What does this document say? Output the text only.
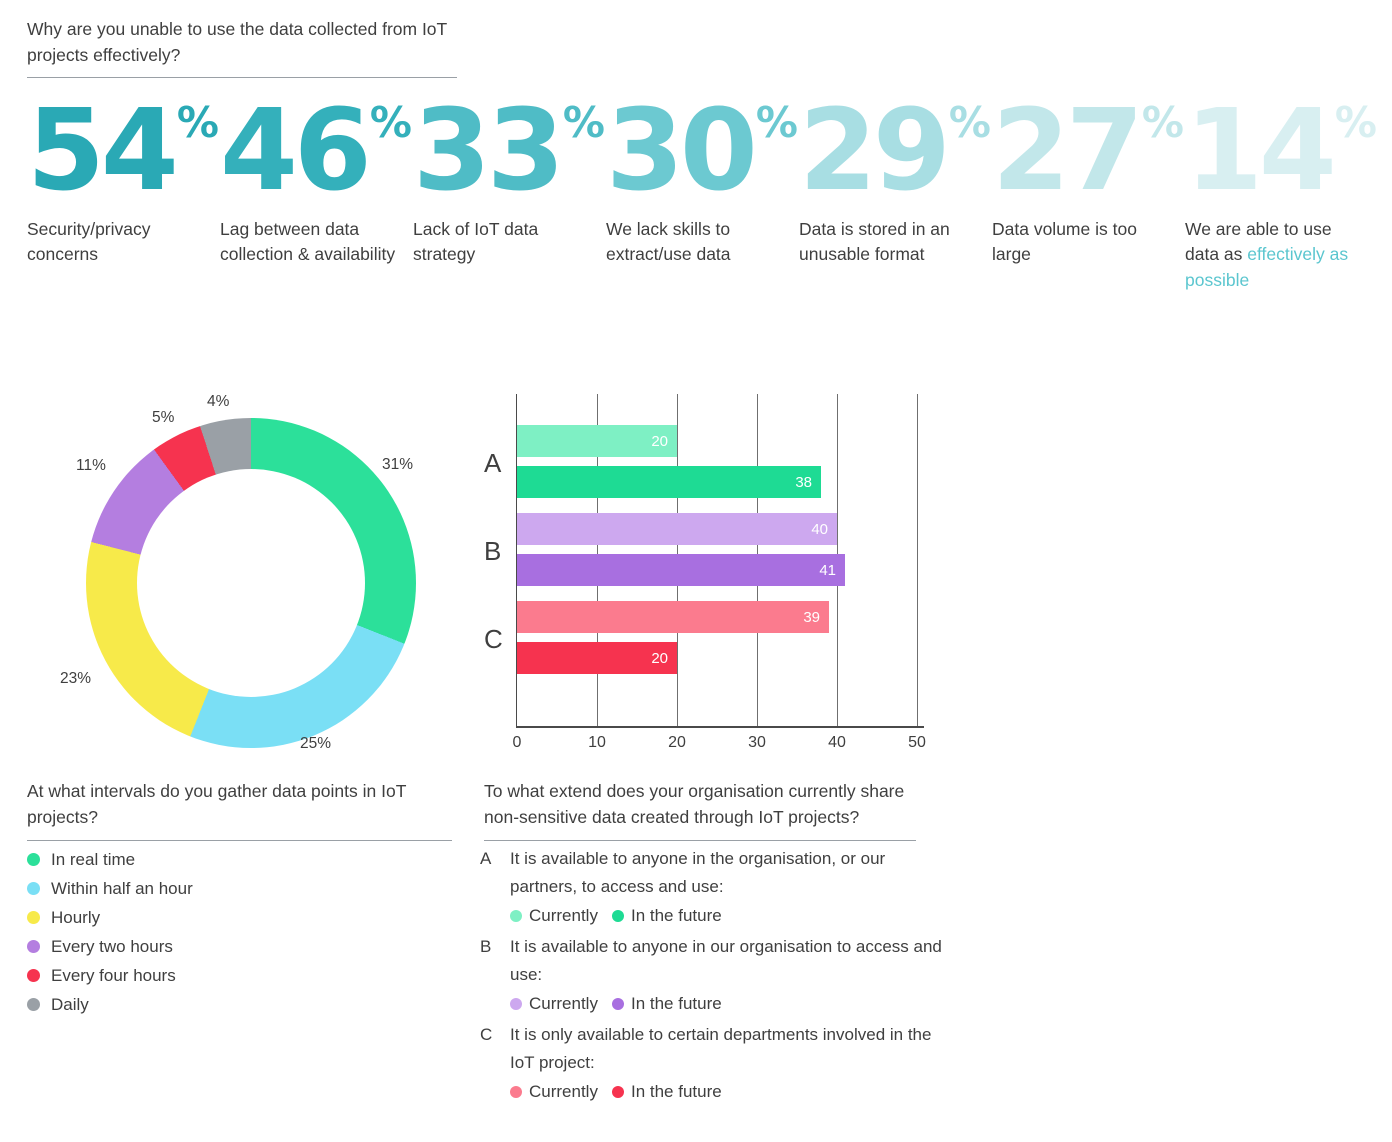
Why are you unable to use the data collected from IoT projects effectively?
54 %
Security/privacy concerns
46 %
Lag between data collection & availability
33 %
Lack of IoT data strategy
30 %
We lack skills to extract/use data
29 %
Data is stored in an unusable format
27 %
Data volume is too large
14 %
We are able to use data as effectively as possible
31%
25%
23%
11%
5%
4%
20
38
40
41
39
20
A
B
C
0	10	20	30	40	50
At what intervals do you gather data points in IoT projects?
In real time
Within half an hour
Hourly
Every two hours
Every four hours
Daily
To what extend does your organisation currently share non-sensitive data created through IoT projects?
A	It is available to anyone in the organisation, or our partners, to access and use:
Currently In the future
B	It is available to anyone in our organisation to access and use:
Currently In the future
C	It is only available to certain departments involved in the IoT project:
Currently In the future
